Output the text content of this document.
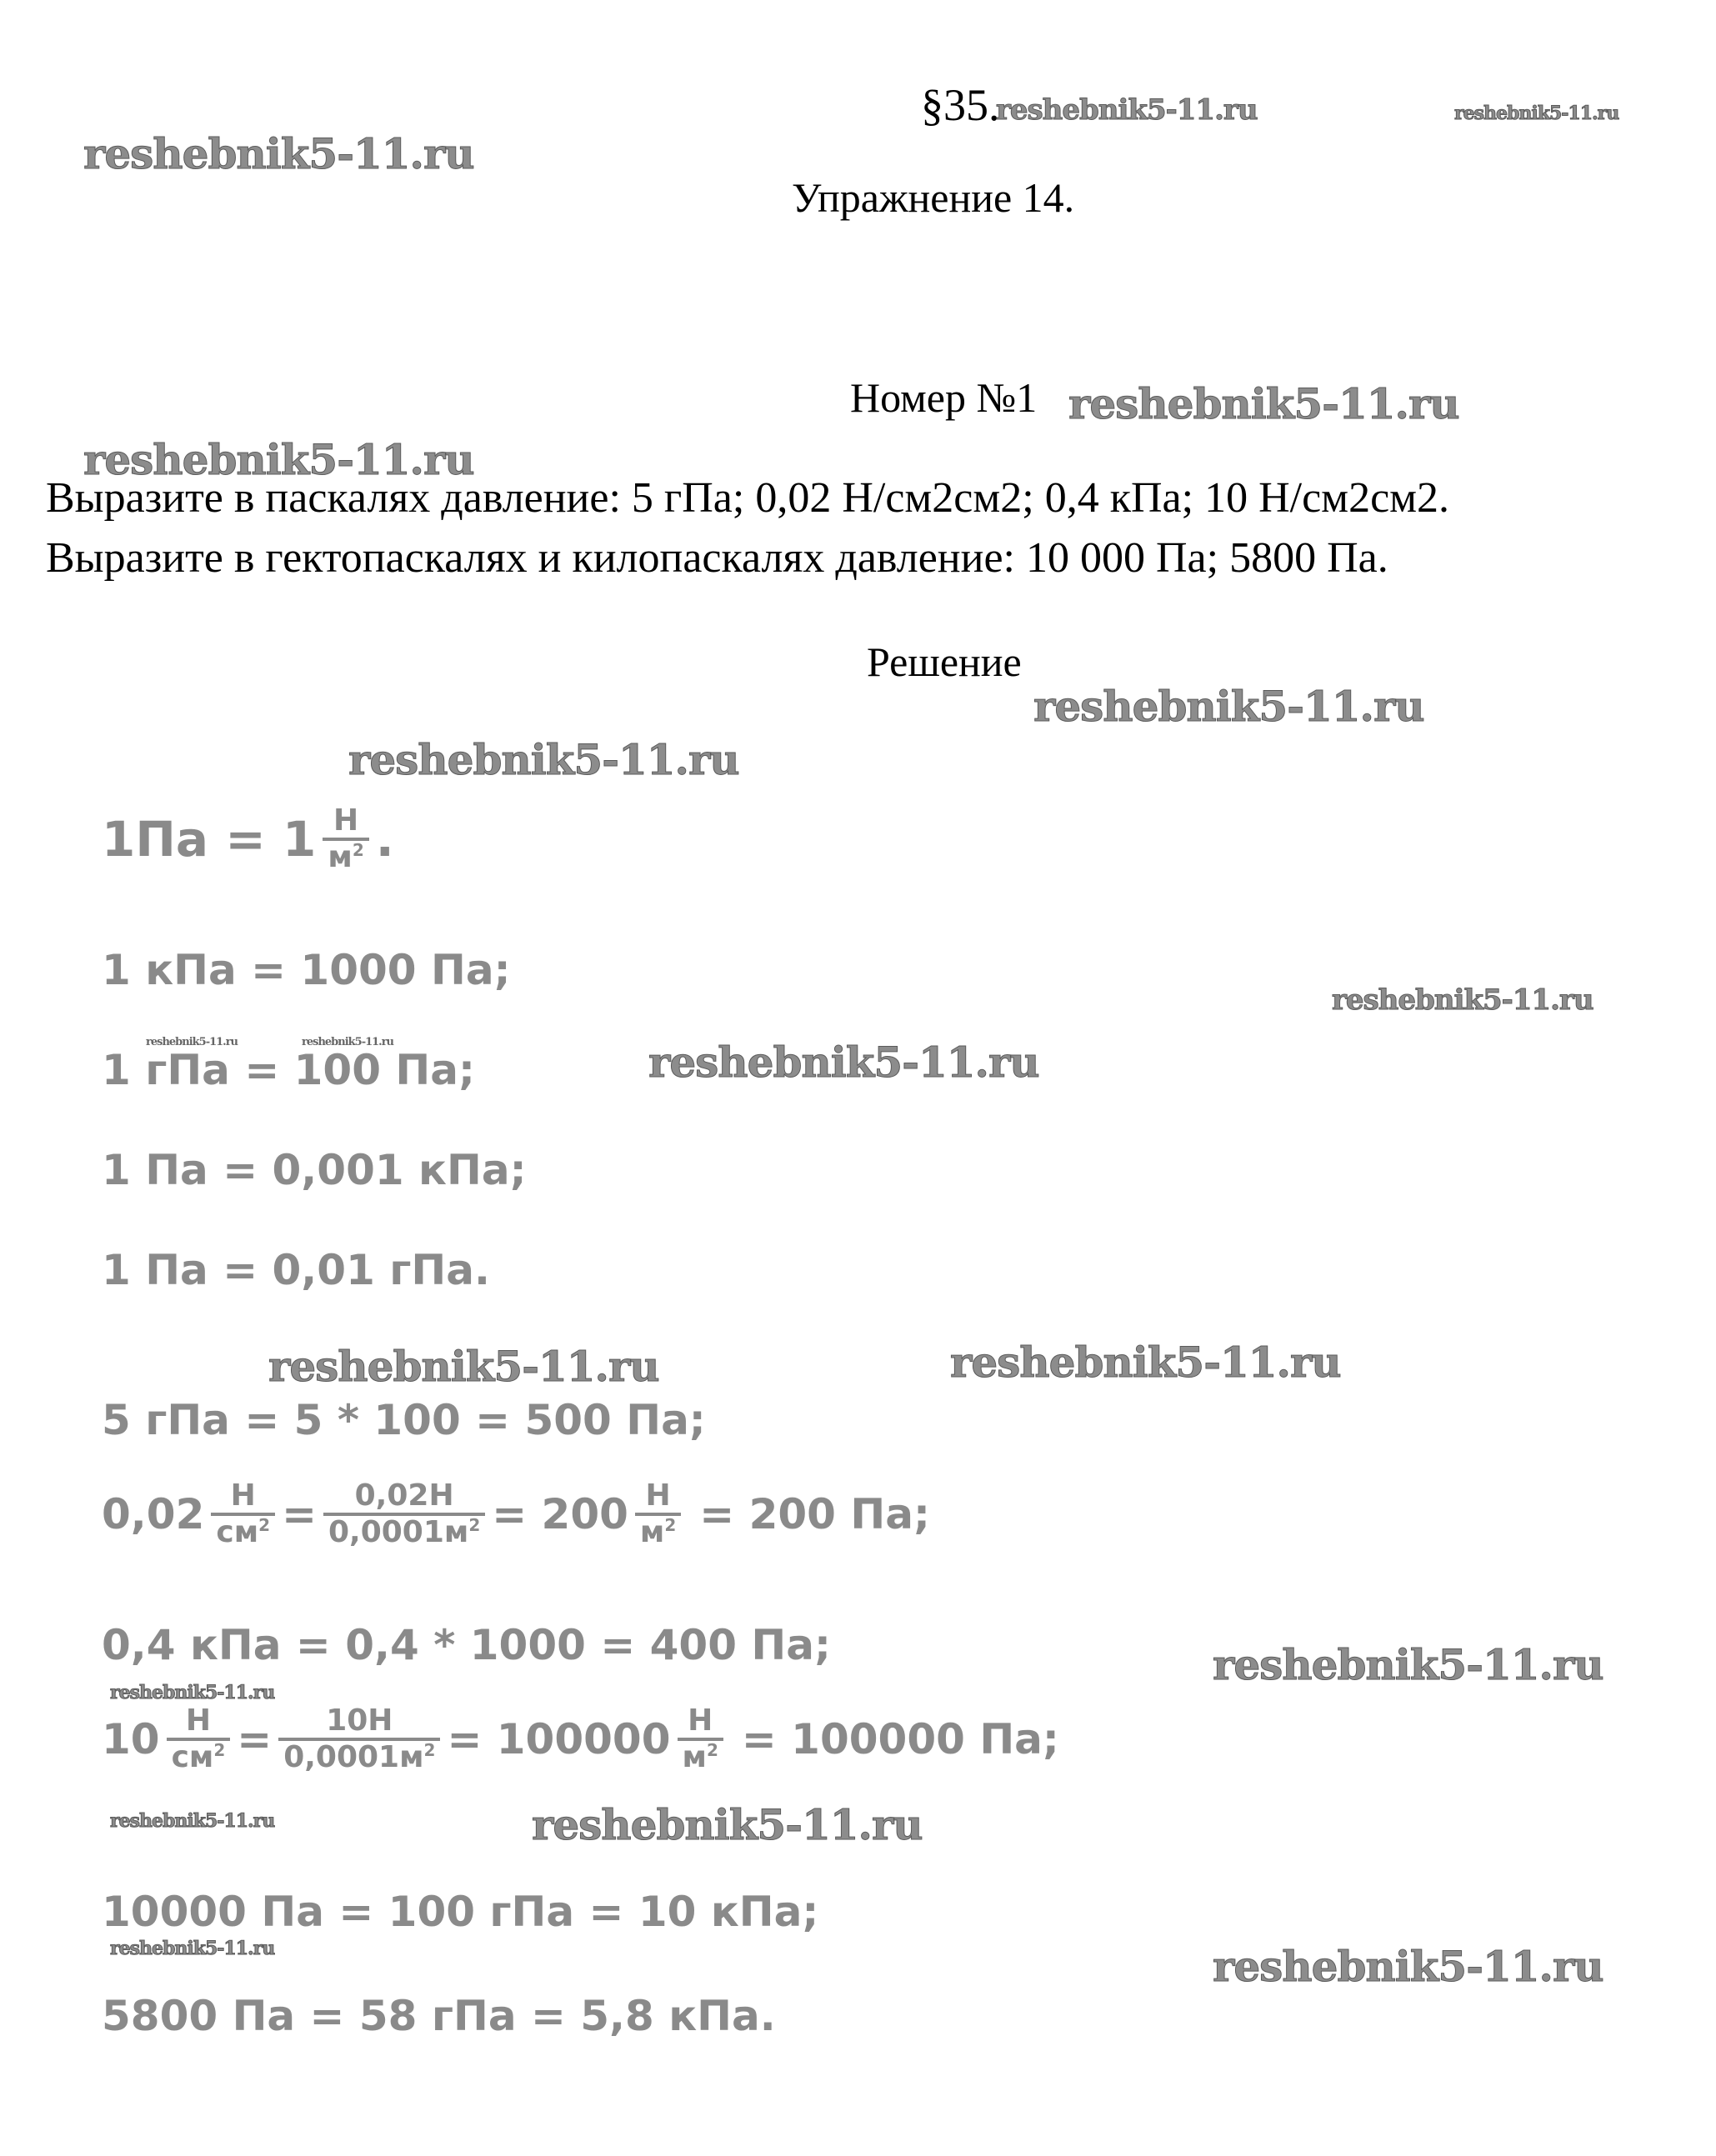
§35.
reshebnik5-11.ru	reshebnik5-11.ru
reshebnik5-11.ru
Упражнение 14.
Номер №1 reshebnik5-11.ru
reshebnik5-11.ru
Выразите в паскалях давление: 5 гПа; 0,02 Н/см2см2; 0,4 кПа; 10 Н/см2см2.
Выразите в гектопаскалях и килопаскалях давление: 10 000 Па; 5800 Па.
Решение
reshebnik5-11.ru
reshebnik5-11.ru
$1Па = 1 \frac{Н}{м^2}$ .
1 кПа = 1000 Па;
reshebnik5-11.ru
reshebnik5-11.ru	reshebnik5-11.ru
1 гПа = 100 Па;	reshebnik5-11.ru
1 Па = 0,001 кПа;
1 Па = 0,01 гПа.
reshebnik5-11.ru	reshebnik5-11.ru
5 гПа = 5 * 100 = 500 Па;
$0,02 \frac{Н}{см^2} = \frac{0,02Н}{0,0001м^2} = 200 \frac{Н}{м^2} = 200$ Па;
0,4 кПа = 0,4 * 1000 = 400 Па;	reshebnik5-11.ru
reshebnik5-11.ru
$10 \frac{Н}{см^2} = \frac{10Н}{0,0001м^2} = 100000 \frac{Н}{м^2} = 100000$ Па;
reshebnik5-11.ru	reshebnik5-11.ru
10000 Па = 100 гПа = 10 кПа;
reshebnik5-11.ru	reshebnik5-11.ru
5800 Па = 58 гПа = 5,8 кПа.
